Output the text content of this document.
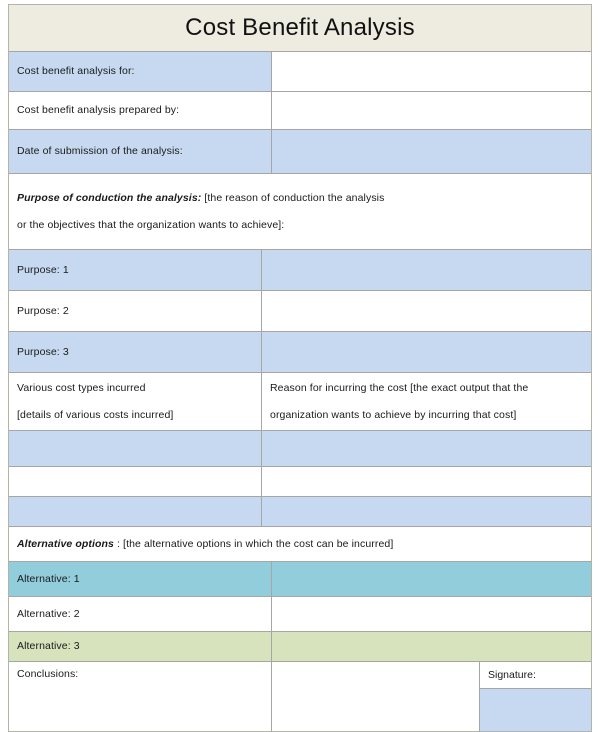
Cost Benefit Analysis
Cost benefit analysis for:
Cost benefit analysis prepared by:
Date of submission of the analysis:
Purpose of conduction the analysis: [the reason of conduction the analysis
or the objectives that the organization wants to achieve]:
Purpose: 1
Purpose: 2
Purpose: 3
Various cost types incurred
[details of various costs incurred]
Reason for incurring the cost [the exact output that the
organization wants to achieve by incurring that cost]
Alternative options : [the alternative options in which the cost can be incurred]
Alternative: 1
Alternative: 2
Alternative: 3
Conclusions:	Signature:
